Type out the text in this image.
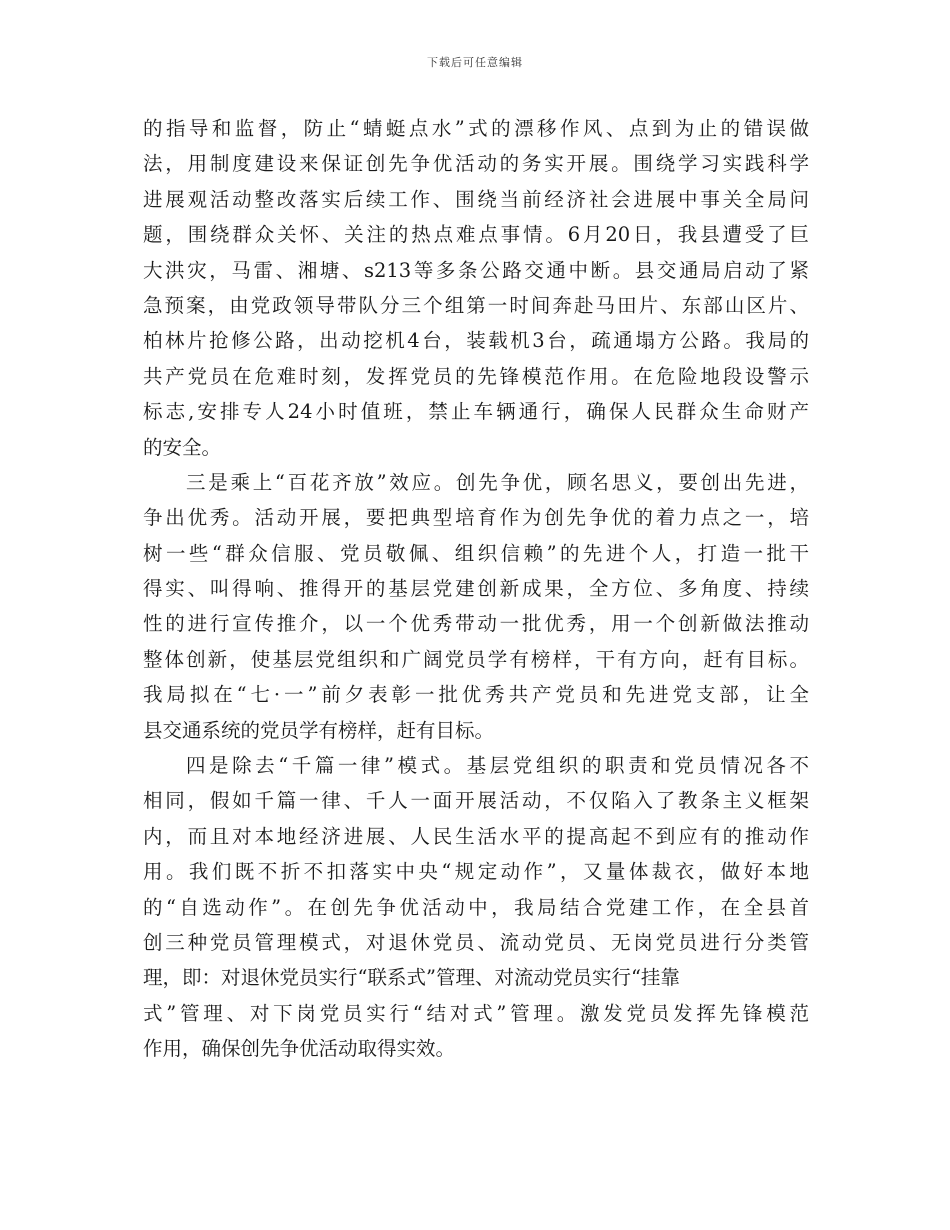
下载后可任意编辑
的指导和监督，防止“蜻蜓点水”式的漂移作风、点到为止的错误做
法，用制度建设来保证创先争优活动的务实开展。围绕学习实践科学
进展观活动整改落实后续工作、围绕当前经济社会进展中事关全局问
题，围绕群众关怀、关注的热点难点事情。6月20日，我县遭受了巨
大洪灾，马雷、湘塘、s213等多条公路交通中断。县交通局启动了紧
急预案，由党政领导带队分三个组第一时间奔赴马田片、东部山区片、
柏林片抢修公路，出动挖机4台，装载机3台，疏通塌方公路。我局的
共产党员在危难时刻，发挥党员的先锋模范作用。在危险地段设警示
标志,安排专人24小时值班，禁止车辆通行，确保人民群众生命财产
的安全。
三是乘上“百花齐放”效应。创先争优，顾名思义，要创出先进，
争出优秀。活动开展，要把典型培育作为创先争优的着力点之一，培
树一些“群众信服、党员敬佩、组织信赖”的先进个人，打造一批干
得实、叫得响、推得开的基层党建创新成果，全方位、多角度、持续
性的进行宣传推介，以一个优秀带动一批优秀，用一个创新做法推动
整体创新，使基层党组织和广阔党员学有榜样，干有方向，赶有目标。
我局拟在“七·一”前夕表彰一批优秀共产党员和先进党支部，让全
县交通系统的党员学有榜样，赶有目标。
四是除去“千篇一律”模式。基层党组织的职责和党员情况各不
相同，假如千篇一律、千人一面开展活动，不仅陷入了教条主义框架
内，而且对本地经济进展、人民生活水平的提高起不到应有的推动作
用。我们既不折不扣落实中央“规定动作”，又量体裁衣，做好本地
的“自选动作”。在创先争优活动中，我局结合党建工作，在全县首
创三种党员管理模式，对退休党员、流动党员、无岗党员进行分类管
理，即：对退休党员实行“联系式”管理、对流动党员实行“挂靠
式”管理、对下岗党员实行“结对式”管理。激发党员发挥先锋模范
作用，确保创先争优活动取得实效。
